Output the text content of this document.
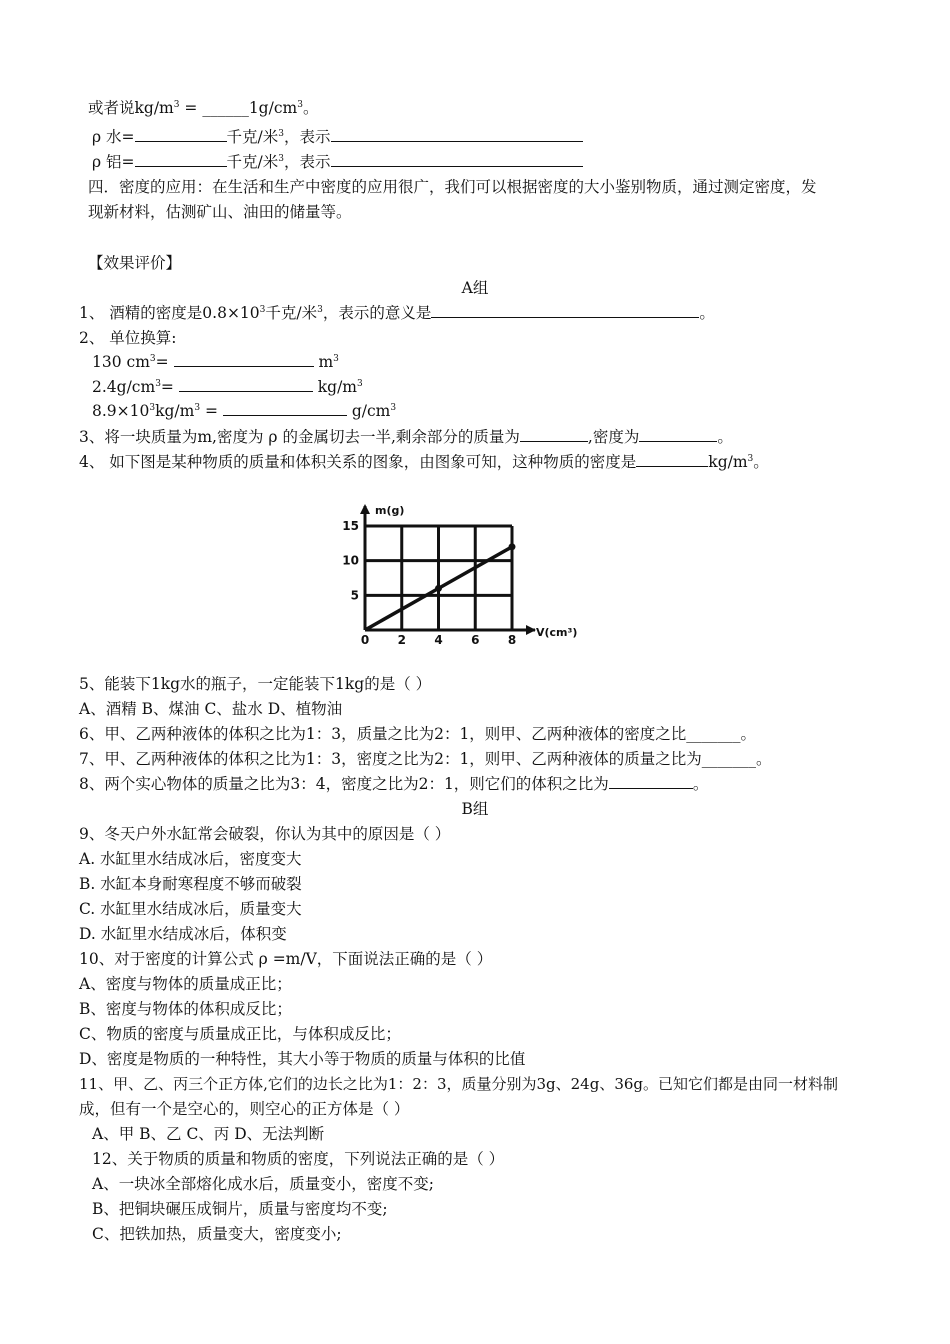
或者说$kg/m^3$ = $\_\_\_\_\_\_1g/cm^3$。
ρ 水=	千克/米$^3$，表示
ρ 铝=	千克/米$^3$，表示
四．密度的应用：在生活和生产中密度的应用很广，我们可以根据密度的大小鉴别物质，通过测定密度，发
现新材料，估测矿山、油田的储量等。
【效果评价】
A组
1、 酒精的密度是$0.8\times 10^3$千克/米$^3$，表示的意义是	。
2、 单位换算:
130 $cm^3=$	$m^3$
$2.4g/cm^3=$	$kg/m^3$
$8.9\times 10^3kg/m^3$ =	$g/cm^3$
3、将一块质量为m,密度为 ρ 的金属切去一半,剩余部分的质量为	,密度为	。
4、 如下图是某种物质的质量和体积关系的图象，由图象可知，这种物质的密度是	$kg/m^3$。
0 2 4 6 8
5
10
15
m(g)
V(cm³)
5、能装下1kg水的瓶子，一定能装下1kg的是（ ）
A、酒精 B、煤油 C、盐水 D、植物油
6、甲、乙两种液体的体积之比为1：3，质量之比为2：1，则甲、乙两种液体的密度之比_______。
7、甲、乙两种液体的体积之比为1：3，密度之比为2：1，则甲、乙两种液体的质量之比为_______。
8、两个实心物体的质量之比为3：4，密度之比为2：1，则它们的体积之比为	。
B组
9、冬天户外水缸常会破裂，你认为其中的原因是（ ）
A. 水缸里水结成冰后，密度变大
B. 水缸本身耐寒程度不够而破裂
C. 水缸里水结成冰后，质量变大
D. 水缸里水结成冰后，体积变
10、对于密度的计算公式 ρ =m/V，下面说法正确的是（ ）
A、密度与物体的质量成正比；
B、密度与物体的体积成反比；
C、物质的密度与质量成正比，与体积成反比；
D、密度是物质的一种特性，其大小等于物质的质量与体积的比值
11、甲、乙、丙三个正方体,它们的边长之比为1：2：3，质量分别为3g、24g、36g。已知它们都是由同一材料制
成，但有一个是空心的，则空心的正方体是（ ）
A、甲 B、乙 C、丙 D、无法判断
12、关于物质的质量和物质的密度，下列说法正确的是（ ）
A、一块冰全部熔化成水后，质量变小，密度不变;
B、把铜块碾压成铜片，质量与密度均不变;
C、把铁加热，质量变大，密度变小;
